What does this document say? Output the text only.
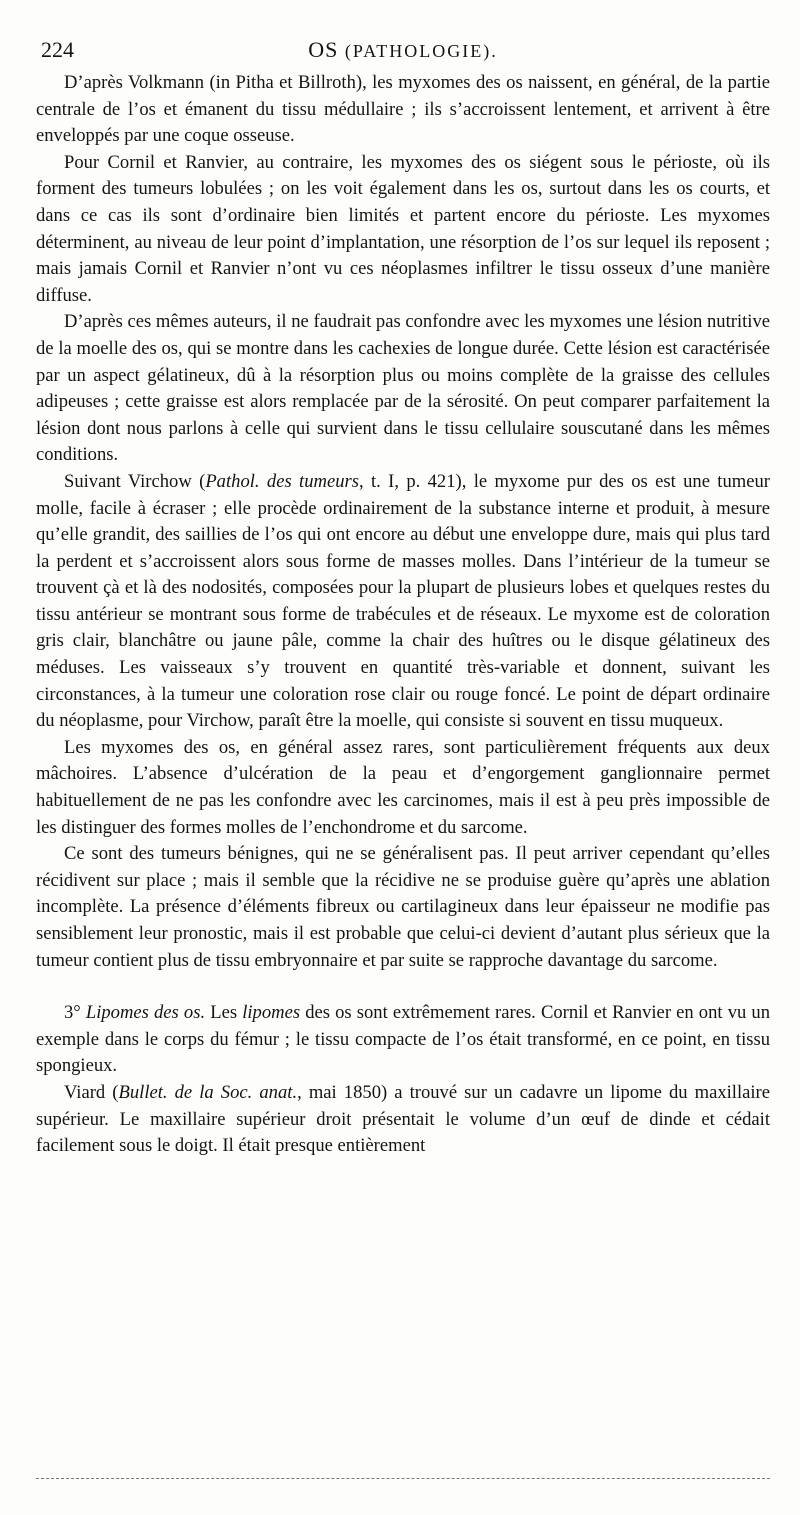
224	OS (PATHOLOGIE).

D’après Volkmann (in Pitha et Billroth), les myxomes des os naissent, en général, de la partie centrale de l’os et émanent du tissu médullaire ; ils s’accroissent lentement, et arrivent à être enveloppés par une coque osseuse.

Pour Cornil et Ranvier, au contraire, les myxomes des os siégent sous le périoste, où ils forment des tumeurs lobulées ; on les voit également dans les os, surtout dans les os courts, et dans ce cas ils sont d’ordinaire bien limités et partent encore du périoste. Les myxomes déterminent, au niveau de leur point d’implantation, une résorption de l’os sur lequel ils reposent ; mais jamais Cornil et Ranvier n’ont vu ces néoplasmes infiltrer le tissu osseux d’une manière diffuse.

D’après ces mêmes auteurs, il ne faudrait pas confondre avec les myxomes une lésion nutritive de la moelle des os, qui se montre dans les cachexies de longue durée. Cette lésion est caractérisée par un aspect gélatineux, dû à la résorption plus ou moins complète de la graisse des cellules adipeuses ; cette graisse est alors remplacée par de la sérosité. On peut comparer parfaitement la lésion dont nous parlons à celle qui survient dans le tissu cellulaire souscutané dans les mêmes conditions.

Suivant Virchow (Pathol. des tumeurs, t. I, p. 421), le myxome pur des os est une tumeur molle, facile à écraser ; elle procède ordinairement de la substance interne et produit, à mesure qu’elle grandit, des saillies de l’os qui ont encore au début une enveloppe dure, mais qui plus tard la perdent et s’accroissent alors sous forme de masses molles. Dans l’intérieur de la tumeur se trouvent çà et là des nodosités, composées pour la plupart de plusieurs lobes et quelques restes du tissu antérieur se montrant sous forme de trabécules et de réseaux. Le myxome est de coloration gris clair, blanchâtre ou jaune pâle, comme la chair des huîtres ou le disque gélatineux des méduses. Les vaisseaux s’y trouvent en quantité très-variable et donnent, suivant les circonstances, à la tumeur une coloration rose clair ou rouge foncé. Le point de départ ordinaire du néoplasme, pour Virchow, paraît être la moelle, qui consiste si souvent en tissu muqueux.

Les myxomes des os, en général assez rares, sont particulièrement fréquents aux deux mâchoires. L’absence d’ulcération de la peau et d’engorgement ganglionnaire permet habituellement de ne pas les confondre avec les carcinomes, mais il est à peu près impossible de les distinguer des formes molles de l’enchondrome et du sarcome.

Ce sont des tumeurs bénignes, qui ne se généralisent pas. Il peut arriver cependant qu’elles récidivent sur place ; mais il semble que la récidive ne se produise guère qu’après une ablation incomplète. La présence d’éléments fibreux ou cartilagineux dans leur épaisseur ne modifie pas sensiblement leur pronostic, mais il est probable que celui-ci devient d’autant plus sérieux que la tumeur contient plus de tissu embryonnaire et par suite se rapproche davantage du sarcome.

3° Lipomes des os. Les lipomes des os sont extrêmement rares. Cornil et Ranvier en ont vu un exemple dans le corps du fémur ; le tissu compacte de l’os était transformé, en ce point, en tissu spongieux.

Viard (Bullet. de la Soc. anat., mai 1850) a trouvé sur un cadavre un lipome du maxillaire supérieur. Le maxillaire supérieur droit présentait le volume d’un œuf de dinde et cédait facilement sous le doigt. Il était presque entièrement
